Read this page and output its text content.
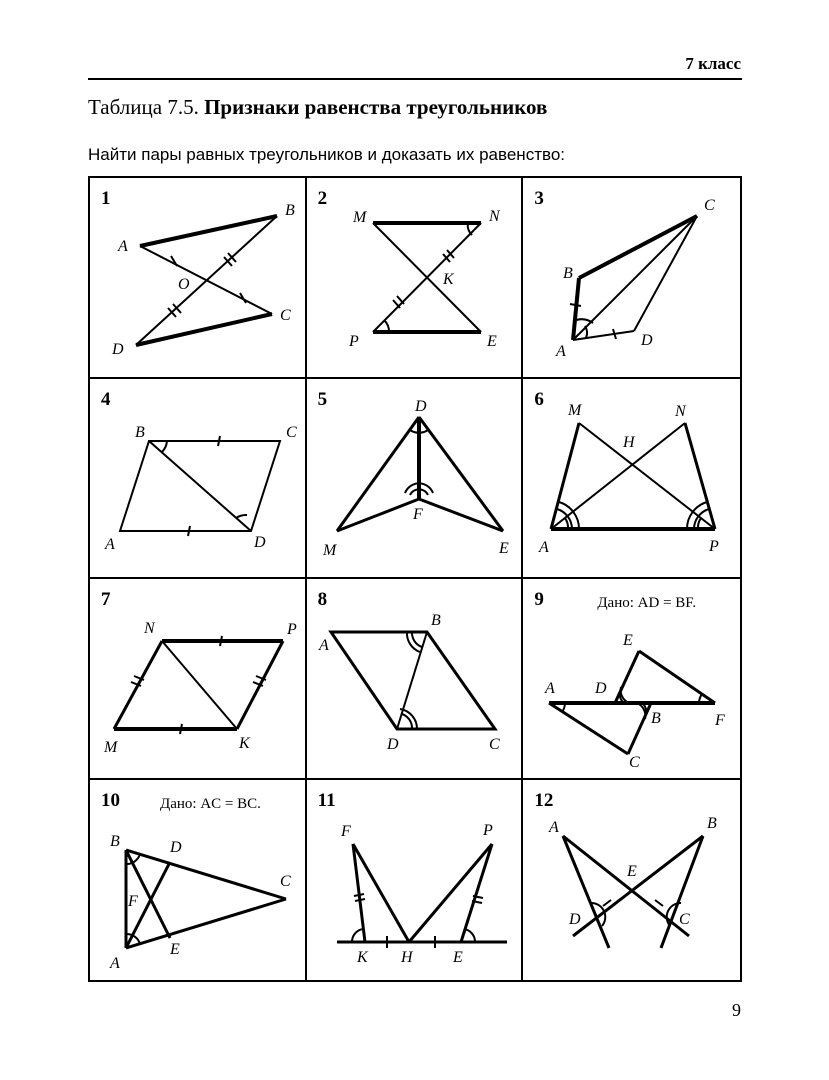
7 класс
Таблица 7.5. Признаки равенства треугольников
Найти пары равных треугольников и доказать их равенство:
1
A
B
C
D
O
2
M	N
K
P	E
3
B
C
A
D
4
B	C
A	D
5	D
F
M	E
6
M	N
H
A	P
7
N	P
M	K
8
A
B
D	C
9	Дано: AD = BF.
E
A	D
B	F
C
10	Дано: AC = BC.
B	D
C
F
A
E
11
F	P
K H	E
12
A	B
E
D	C
9
